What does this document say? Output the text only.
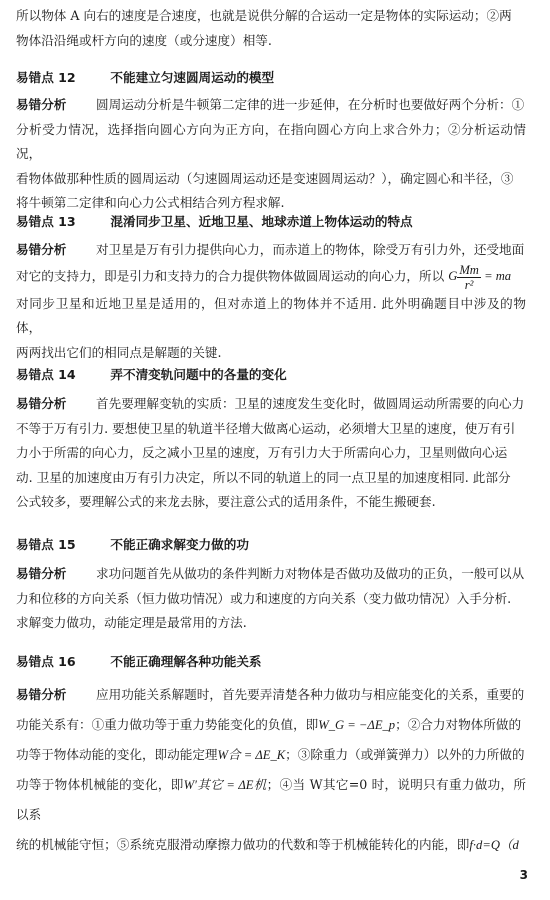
所以物体 A 向右的速度是合速度，也就是说供分解的合运动一定是物体的实际运动；②两
物体沿沿绳或杆方向的速度（或分速度）相等.

易错点 12	不能建立匀速圆周运动的模型

易错分析 圆周运动分析是牛顿第二定律的进一步延伸，在分析时也要做好两个分析：①
分析受力情况，选择指向圆心方向为正方向，在指向圆心方向上求合外力；②分析运动情况，
看物体做那种性质的圆周运动（匀速圆周运动还是变速圆周运动？），确定圆心和半径，③
将牛顿第二定律和向心力公式相结合列方程求解.

易错点 13	混淆同步卫星、近地卫星、地球赤道上物体运动的特点

易错分析 对卫星是万有引力提供向心力，而赤道上的物体，除受万有引力外，还受地面
对它的支持力，即是引力和支持力的合力提供物体做圆周运动的向心力，所以 G $\frac{Mm}{\text{r²}}$ = ma
对同步卫星和近地卫星是适用的，但对赤道上的物体并不适用. 此外明确题目中涉及的物体，
两两找出它们的相同点是解题的关键.

易错点 14	弄不清变轨问题中的各量的变化

易错分析 首先要理解变轨的实质：卫星的速度发生变化时，做圆周运动所需要的向心力
不等于万有引力. 要想使卫星的轨道半径增大做离心运动，必须增大卫星的速度，使万有引
力小于所需的向心力，反之减小卫星的速度，万有引力大于所需向心力，卫星则做向心运
动. 卫星的加速度由万有引力决定，所以不同的轨道上的同一点卫星的加速度相同. 此部分
公式较多，要理解公式的来龙去脉，要注意公式的适用条件，不能生搬硬套.

易错点 15	不能正确求解变力做的功

易错分析 求功问题首先从做功的条件判断力对物体是否做功及做功的正负，一般可以从
力和位移的方向关系（恒力做功情况）或力和速度的方向关系（变力做功情况）入手分析.
求解变力做功，动能定理是最常用的方法.

易错点 16	不能正确理解各种功能关系

易错分析 应用功能关系解题时，首先要弄清楚各种力做功与相应能变化的关系，重要的
功能关系有：①重力做功等于重力势能变化的负值，即W_G = −ΔE_p；②合力对物体所做的
功等于物体动能的变化，即动能定理W合 = ΔE_K；③除重力（或弹簧弹力）以外的力所做的
功等于物体机械能的变化，即W′其它 = ΔE机；④当 W其它=0 时，说明只有重力做功，所以系
统的机械能守恒；⑤系统克服滑动摩擦力做功的代数和等于机械能转化的内能，即f·d=Q（d

3
